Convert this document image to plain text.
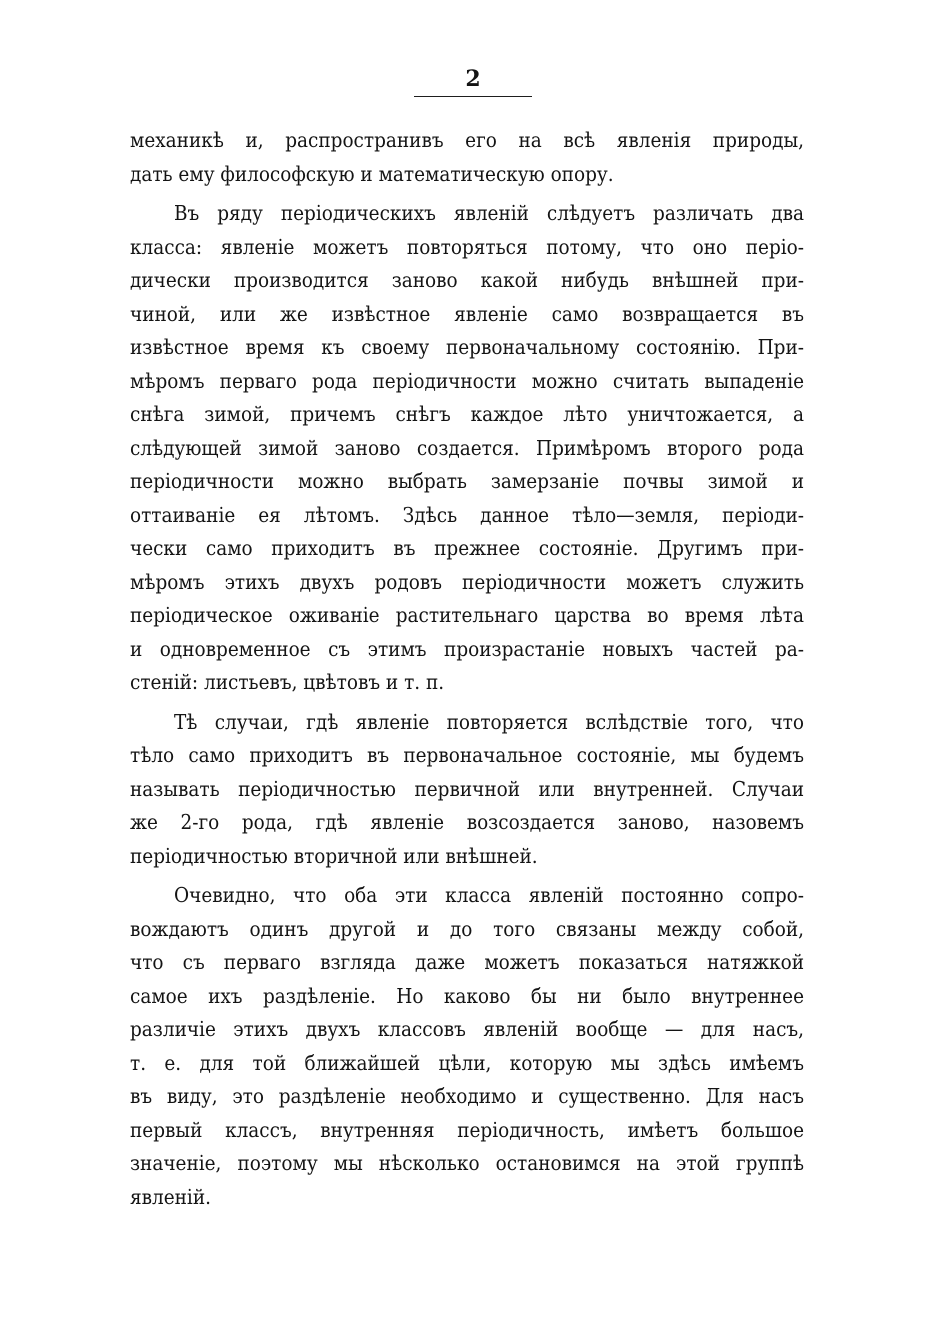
2
механикѣ и, распространивъ его на всѣ явленія природы,
дать ему философскую и математическую опору.
Въ ряду періодическихъ явленій слѣдуетъ различать два
класса: явленіе можетъ повторяться потому, что оно перiо-
дически производится заново какой нибудь внѣшней при-
чиной, или же извѣстное явленіе само возвращается въ
извѣстное время къ своему первоначальному состоянію. При-
мѣромъ перваго рода періодичности можно считать выпаденіе
снѣга зимой, причемъ снѣгъ каждое лѣто уничтожается, а
слѣдующей зимой заново создается. Примѣромъ второго рода
періодичности можно выбрать замерзаніе почвы зимой и
оттаиваніе ея лѣтомъ. Здѣсь данное тѣло—земля, періоди-
чески само приходитъ въ прежнее состояніе. Другимъ при-
мѣромъ этихъ двухъ родовъ періодичности можетъ служить
періодическое оживаніе растительнаго царства во время лѣта
и одновременное съ этимъ произрастаніе новыхъ частей ра-
стеній: листьевъ, цвѣтовъ и т. п.
Тѣ случаи, гдѣ явленіе повторяется вслѣдствіе того, что
тѣло само приходитъ въ первоначальное состояніе, мы будемъ
называть періодичностью первичной или внутренней. Случаи
же 2-го рода, гдѣ явленіе возсоздается заново, назовемъ
періодичностью вторичной или внѣшней.
Очевидно, что оба эти класса явленій постоянно сопро-
вождаютъ одинъ другой и до того связаны между собой,
что съ перваго взгляда даже можетъ показаться натяжкой
самое ихъ раздѣленіе. Но каково бы ни было внутреннее
различіе этихъ двухъ классовъ явленій вообще — для насъ,
т. е. для той ближайшей цѣли, которую мы здѣсь имѣемъ
въ виду, это раздѣленіе необходимо и существенно. Для насъ
первый классъ, внутренняя періодичность, имѣетъ большое
значеніе, поэтому мы нѣсколько остановимся на этой группѣ
явленій.
